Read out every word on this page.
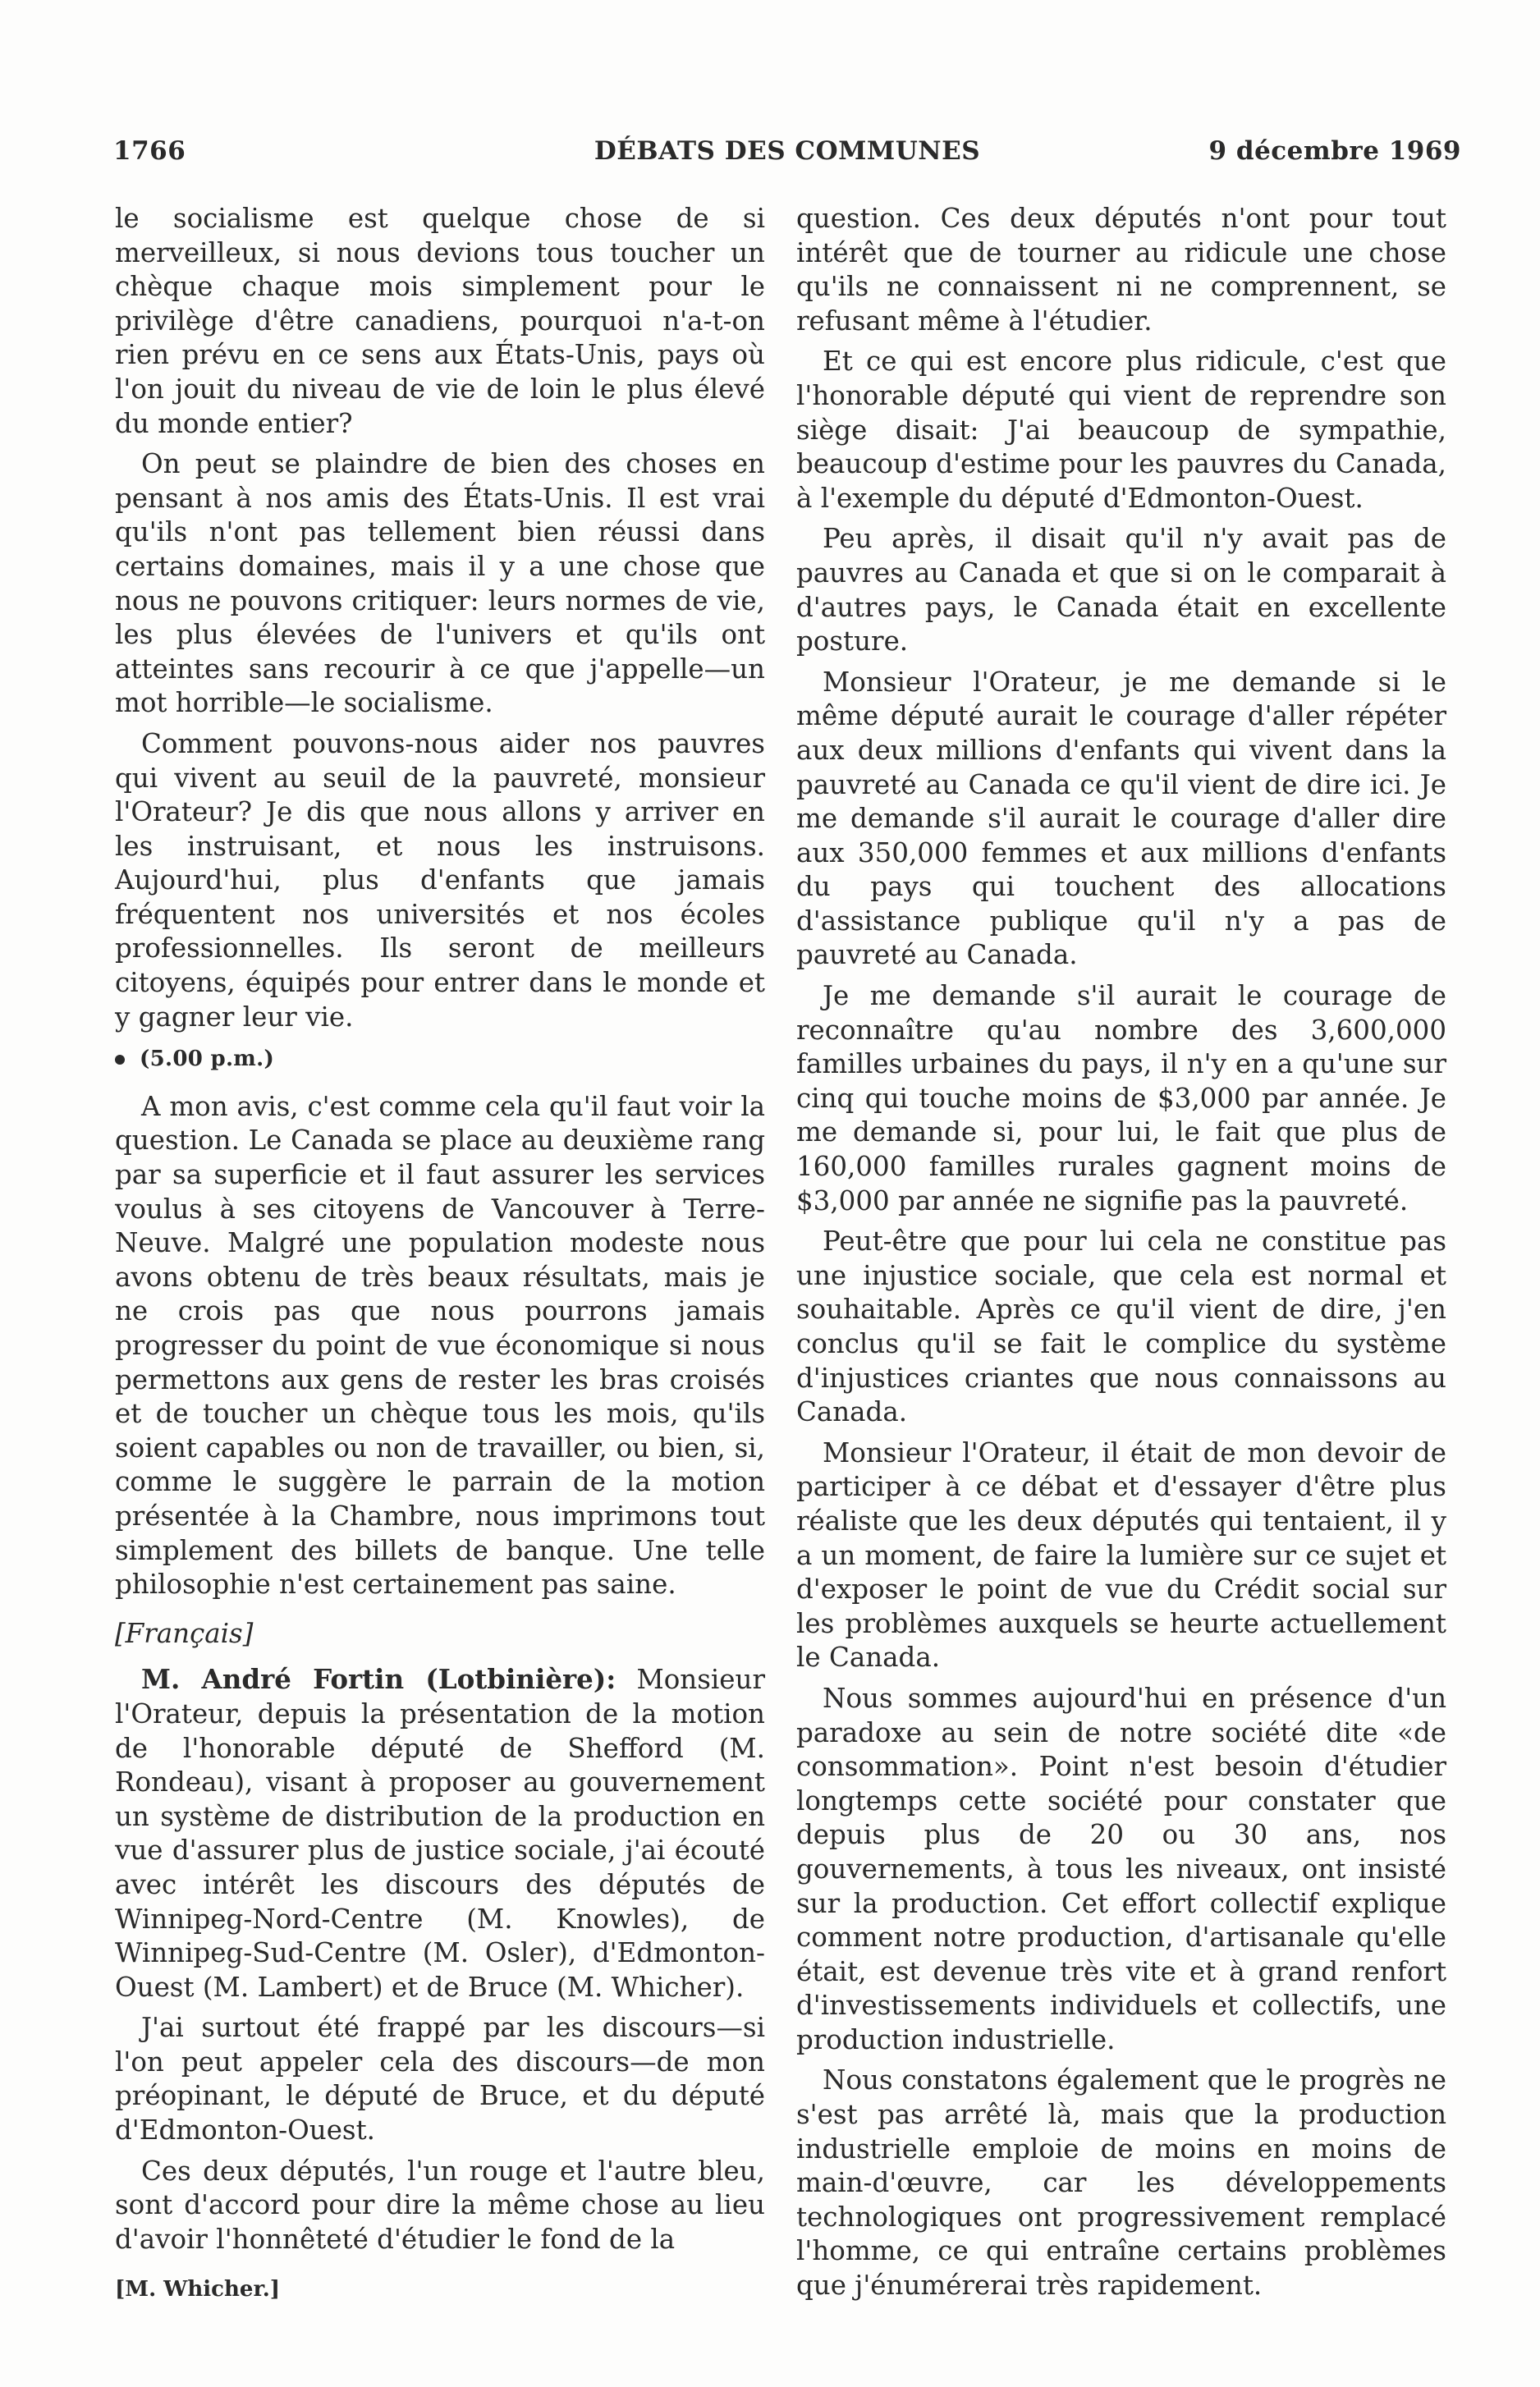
1766	DÉBATS DES COMMUNES	9 décembre 1969

le socialisme est quelque chose de si merveilleux, si nous devions tous toucher un chèque chaque mois simplement pour le privilège d'être canadiens, pourquoi n'a-t-on rien prévu en ce sens aux États-Unis, pays où l'on jouit du niveau de vie de loin le plus élevé du monde entier?

On peut se plaindre de bien des choses en pensant à nos amis des États-Unis. Il est vrai qu'ils n'ont pas tellement bien réussi dans certains domaines, mais il y a une chose que nous ne pouvons critiquer: leurs normes de vie, les plus élevées de l'univers et qu'ils ont atteintes sans recourir à ce que j'appelle—un mot horrible—le socialisme.

Comment pouvons-nous aider nos pauvres qui vivent au seuil de la pauvreté, monsieur l'Orateur? Je dis que nous allons y arriver en les instruisant, et nous les instruisons. Aujourd'hui, plus d'enfants que jamais fréquentent nos universités et nos écoles professionnelles. Ils seront de meilleurs citoyens, équipés pour entrer dans le monde et y gagner leur vie.

(5.00 p.m.)

A mon avis, c'est comme cela qu'il faut voir la question. Le Canada se place au deuxième rang par sa superficie et il faut assurer les services voulus à ses citoyens de Vancouver à Terre-Neuve. Malgré une population modeste nous avons obtenu de très beaux résultats, mais je ne crois pas que nous pourrons jamais progresser du point de vue économique si nous permettons aux gens de rester les bras croisés et de toucher un chèque tous les mois, qu'ils soient capables ou non de travailler, ou bien, si, comme le suggère le parrain de la motion présentée à la Chambre, nous imprimons tout simplement des billets de banque. Une telle philosophie n'est certainement pas saine.

[Français]

M. André Fortin (Lotbinière): Monsieur l'Orateur, depuis la présentation de la motion de l'honorable député de Shefford (M. Rondeau), visant à proposer au gouvernement un système de distribution de la production en vue d'assurer plus de justice sociale, j'ai écouté avec intérêt les discours des députés de Winnipeg-Nord-Centre (M. Knowles), de Winnipeg-Sud-Centre (M. Osler), d'Edmonton-Ouest (M. Lambert) et de Bruce (M. Whicher).

J'ai surtout été frappé par les discours—si l'on peut appeler cela des discours—de mon préopinant, le député de Bruce, et du député d'Edmonton-Ouest.

Ces deux députés, l'un rouge et l'autre bleu, sont d'accord pour dire la même chose au lieu d'avoir l'honnêteté d'étudier le fond de la

[M. Whicher.]

question. Ces deux députés n'ont pour tout intérêt que de tourner au ridicule une chose qu'ils ne connaissent ni ne comprennent, se refusant même à l'étudier.

Et ce qui est encore plus ridicule, c'est que l'honorable député qui vient de reprendre son siège disait: J'ai beaucoup de sympathie, beaucoup d'estime pour les pauvres du Canada, à l'exemple du député d'Edmonton-Ouest.

Peu après, il disait qu'il n'y avait pas de pauvres au Canada et que si on le comparait à d'autres pays, le Canada était en excellente posture.

Monsieur l'Orateur, je me demande si le même député aurait le courage d'aller répéter aux deux millions d'enfants qui vivent dans la pauvreté au Canada ce qu'il vient de dire ici. Je me demande s'il aurait le courage d'aller dire aux 350,000 femmes et aux millions d'enfants du pays qui touchent des allocations d'assistance publique qu'il n'y a pas de pauvreté au Canada.

Je me demande s'il aurait le courage de reconnaître qu'au nombre des 3,600,000 familles urbaines du pays, il n'y en a qu'une sur cinq qui touche moins de $3,000 par année. Je me demande si, pour lui, le fait que plus de 160,000 familles rurales gagnent moins de $3,000 par année ne signifie pas la pauvreté.

Peut-être que pour lui cela ne constitue pas une injustice sociale, que cela est normal et souhaitable. Après ce qu'il vient de dire, j'en conclus qu'il se fait le complice du système d'injustices criantes que nous connaissons au Canada.

Monsieur l'Orateur, il était de mon devoir de participer à ce débat et d'essayer d'être plus réaliste que les deux députés qui tentaient, il y a un moment, de faire la lumière sur ce sujet et d'exposer le point de vue du Crédit social sur les problèmes auxquels se heurte actuellement le Canada.

Nous sommes aujourd'hui en présence d'un paradoxe au sein de notre société dite «de consommation». Point n'est besoin d'étudier longtemps cette société pour constater que depuis plus de 20 ou 30 ans, nos gouvernements, à tous les niveaux, ont insisté sur la production. Cet effort collectif explique comment notre production, d'artisanale qu'elle était, est devenue très vite et à grand renfort d'investissements individuels et collectifs, une production industrielle.

Nous constatons également que le progrès ne s'est pas arrêté là, mais que la production industrielle emploie de moins en moins de main-d'œuvre, car les développements technologiques ont progressivement remplacé l'homme, ce qui entraîne certains problèmes que j'énumérerai très rapidement.
